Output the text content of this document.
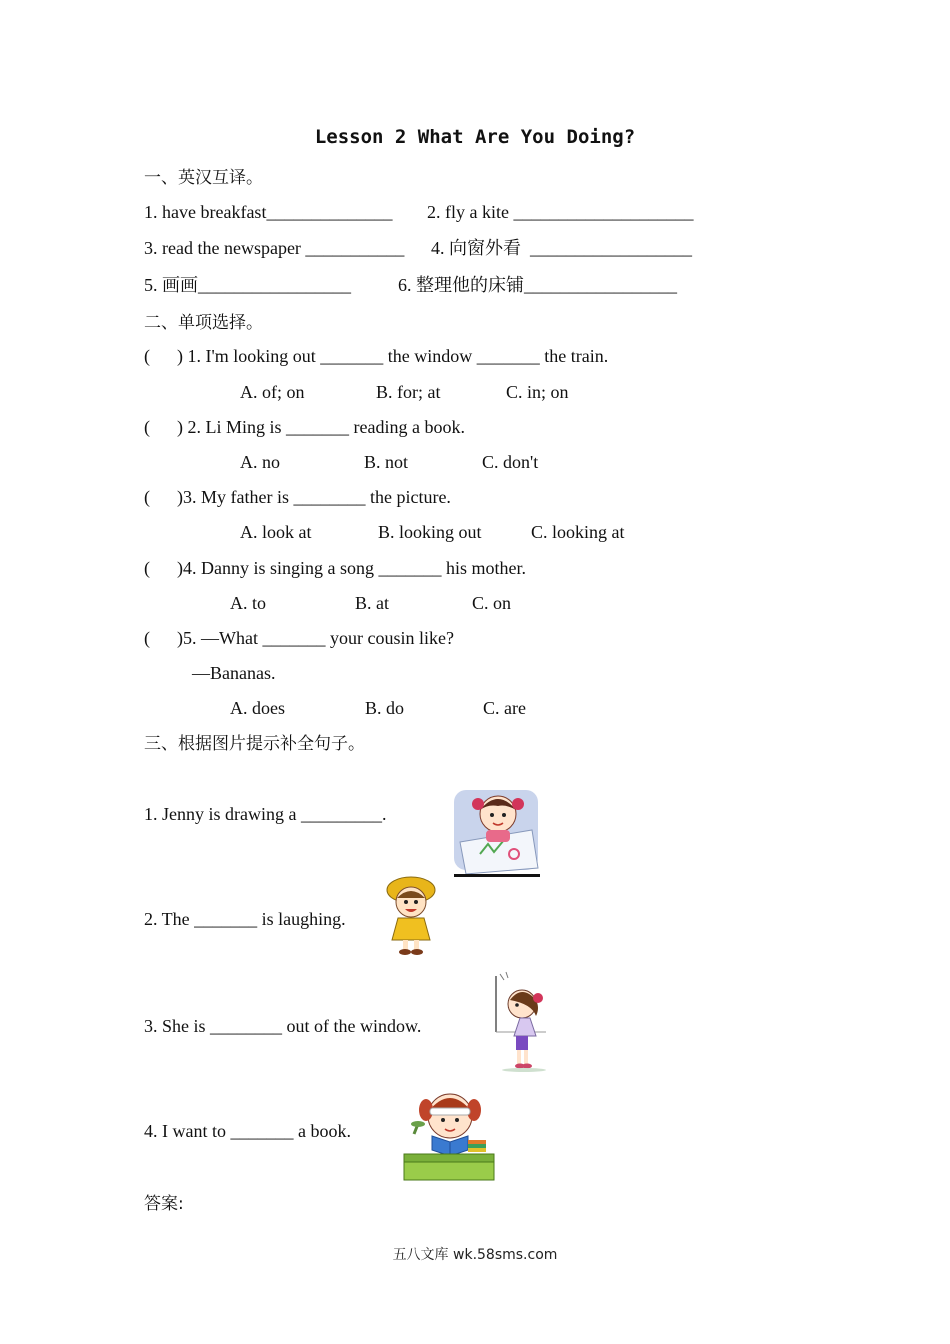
Lesson 2 What Are You Doing?
一、英汉互译。
1. have breakfast______________ 2. fly a kite ____________________
3. read the newspaper ___________ 4. 向窗外看  __________________
5. 画画_________________	6. 整理他的床铺_________________
二、单项选择。
(      ) 1. I'm looking out _______ the window _______ the train.
A. of; on	B. for; at	C. in; on
(      ) 2. Li Ming is _______ reading a book.
A. no	B. not	C. don't
(      )3. My father is ________ the picture.
A. look at	B. looking out	C. looking at
(      )4. Danny is singing a song _______ his mother.
A. to	B. at	C. on
(      )5. —What _______ your cousin like?
—Bananas.
A. does	B. do	C. are
三、根据图片提示补全句子。
1. Jenny is drawing a _________.
2. The _______ is laughing.
3. She is ________ out of the window.
4. I want to _______ a book.
答案:
五八文库 wk.58sms.com
